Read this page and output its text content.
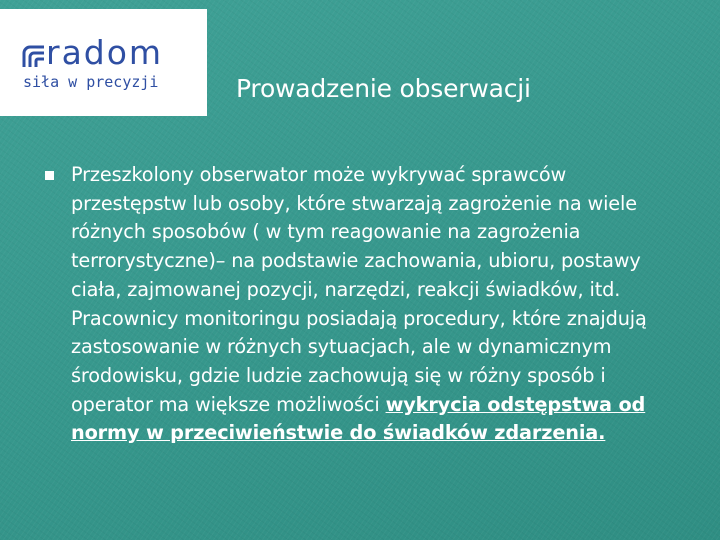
radom
siła w precyzji	Prowadzenie obserwacji
Przeszkolony obserwator może wykrywać sprawców przestępstw lub osoby, które stwarzają zagrożenie na wiele różnych sposobów ( w tym reagowanie na zagrożenia terrorystyczne)– na podstawie zachowania, ubioru, postawy ciała, zajmowanej pozycji, narzędzi, reakcji świadków, itd. Pracownicy monitoringu posiadają procedury, które znajdują zastosowanie w różnych sytuacjach, ale w dynamicznym środowisku, gdzie ludzie zachowują się w różny sposób i operator ma większe możliwości wykrycia odstępstwa od normy w przeciwieństwie do świadków zdarzenia.
